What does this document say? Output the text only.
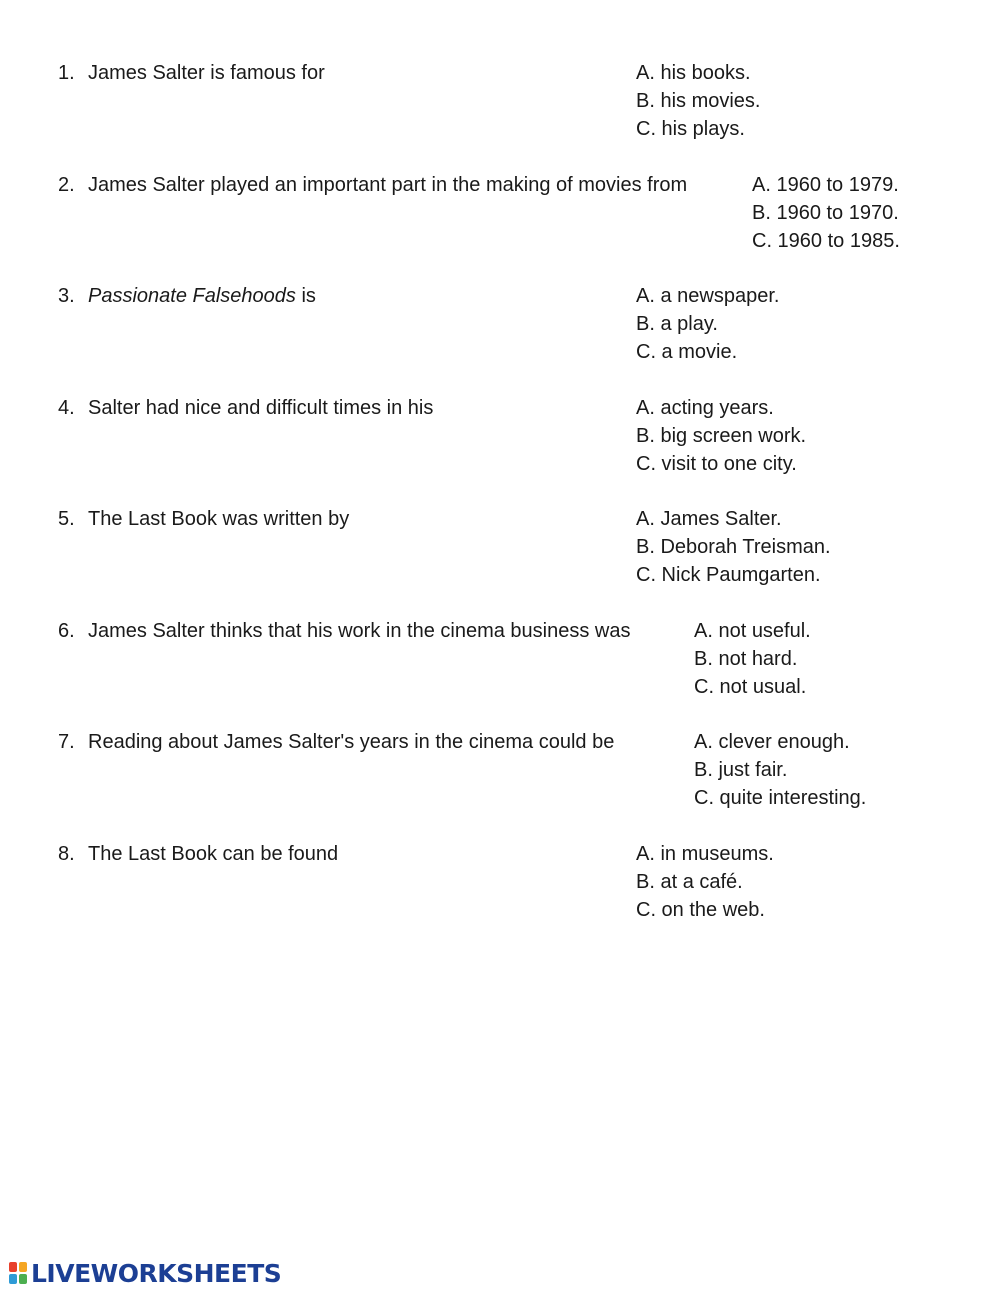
1. James Salter is famous for	A. his books.
B. his movies.
C. his plays.
2. James Salter played an important part in the making of movies from	A. 1960 to 1979.
B. 1960 to 1970.
C. 1960 to 1985.
3. Passionate Falsehoods is	A. a newspaper.
B. a play.
C. a movie.
4. Salter had nice and difficult times in his	A. acting years.
B. big screen work.
C. visit to one city.
5. The Last Book was written by	A. James Salter.
B. Deborah Treisman.
C. Nick Paumgarten.
6. James Salter thinks that his work in the cinema business was	A. not useful.
B. not hard.
C. not usual.
7. Reading about James Salter's years in the cinema could be	A. clever enough.
B. just fair.
C. quite interesting.
8. The Last Book can be found	A. in museums.
B. at a café.
C. on the web.
LIVEWORKSHEETS
